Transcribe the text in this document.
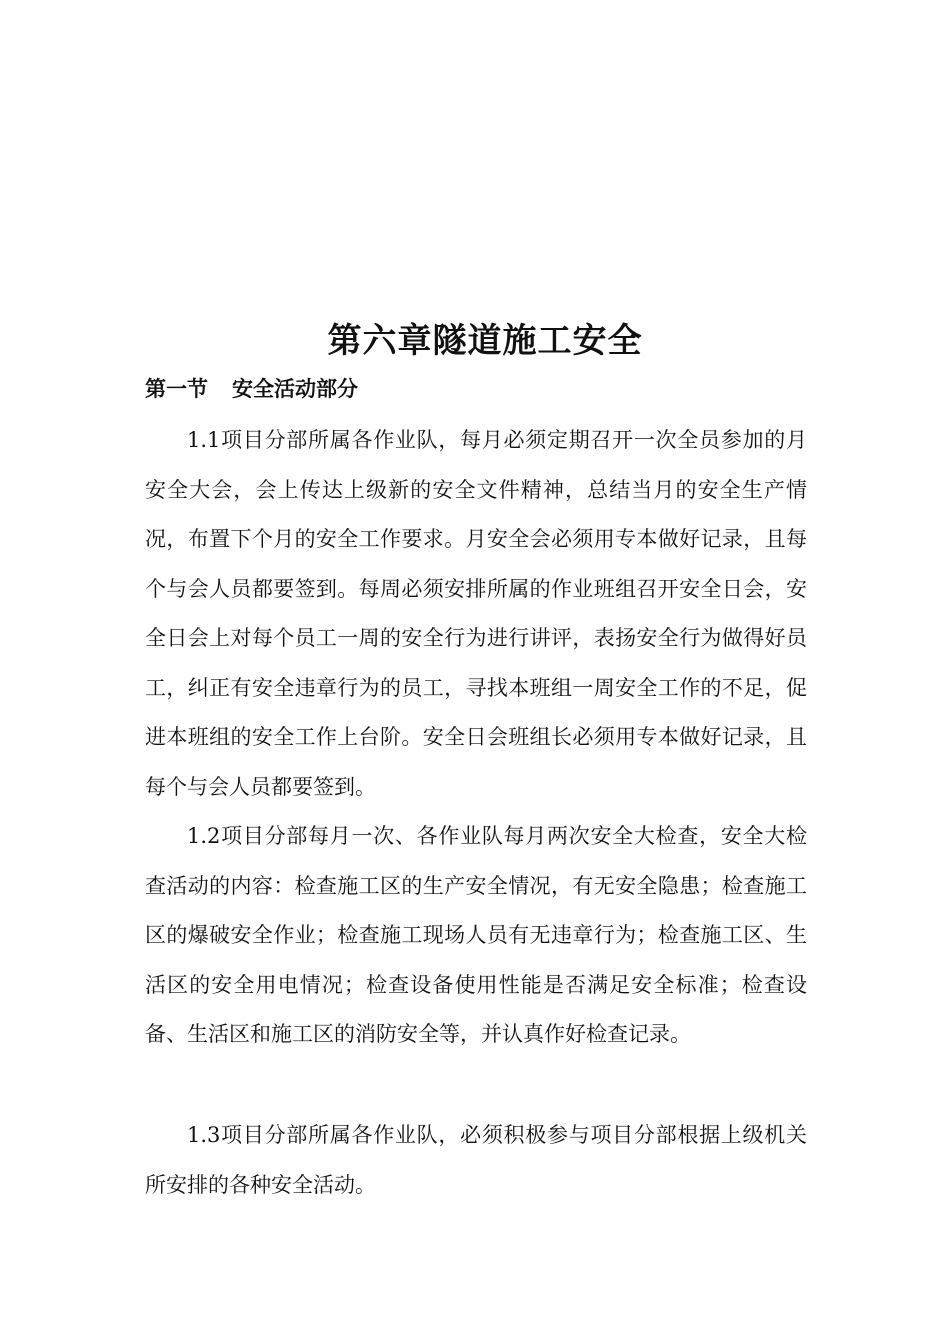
第六章隧道施工安全
第一节 安全活动部分

1.1项目分部所属各作业队，每月必须定期召开一次全员参加的月安全大会，会上传达上级新的安全文件精神，总结当月的安全生产情况，布置下个月的安全工作要求。月安全会必须用专本做好记录，且每个与会人员都要签到。每周必须安排所属的作业班组召开安全日会，安全日会上对每个员工一周的安全行为进行讲评，表扬安全行为做得好员工，纠正有安全违章行为的员工，寻找本班组一周安全工作的不足，促进本班组的安全工作上台阶。安全日会班组长必须用专本做好记录，且每个与会人员都要签到。

1.2项目分部每月一次、各作业队每月两次安全大检查，安全大检查活动的内容：检查施工区的生产安全情况，有无安全隐患；检查施工区的爆破安全作业；检查施工现场人员有无违章行为；检查施工区、生活区的安全用电情况；检查设备使用性能是否满足安全标准；检查设备、生活区和施工区的消防安全等，并认真作好检查记录。

1.3项目分部所属各作业队，必须积极参与项目分部根据上级机关所安排的各种安全活动。
